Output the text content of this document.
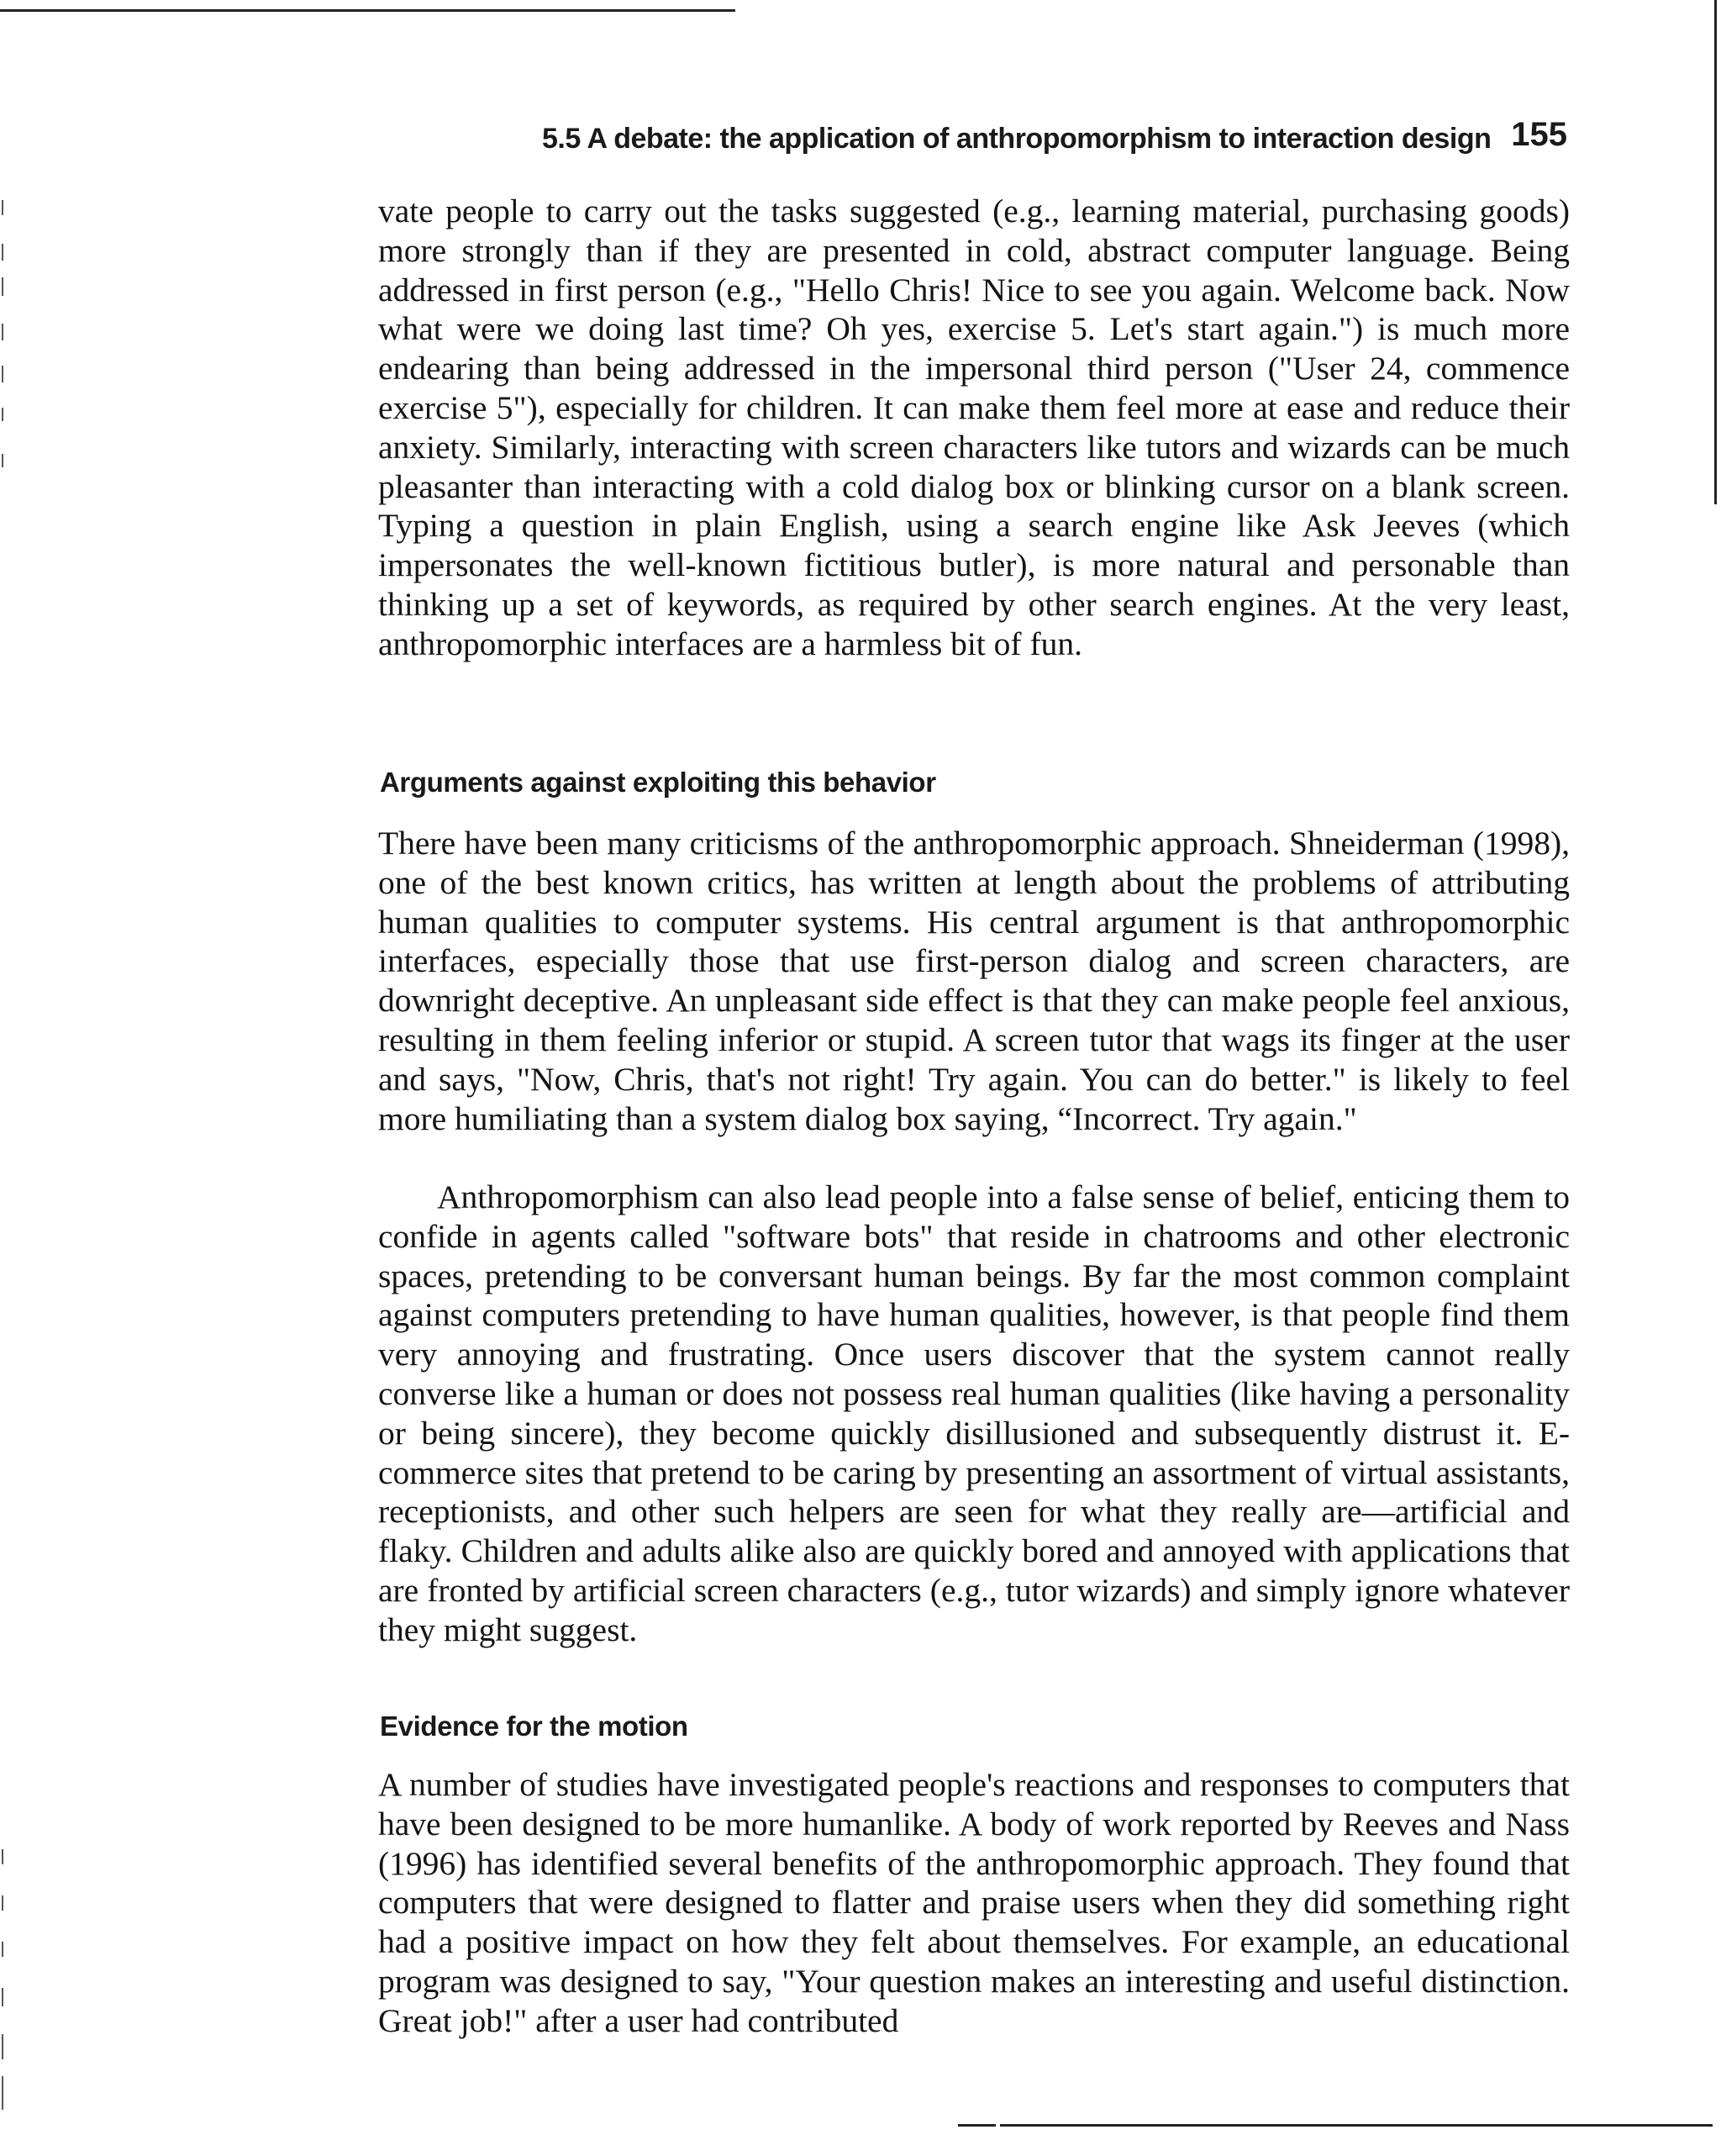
5.5 A debate: the application of anthropomorphism to interaction design 155

vate people to carry out the tasks suggested (e.g., learning material, purchasing goods) more strongly than if they are presented in cold, abstract computer language. Being addressed in first person (e.g., "Hello Chris! Nice to see you again. Welcome back. Now what were we doing last time? Oh yes, exercise 5. Let's start again.") is much more endearing than being addressed in the impersonal third person ("User 24, commence exercise 5"), especially for children. It can make them feel more at ease and reduce their anxiety. Similarly, interacting with screen characters like tutors and wizards can be much pleasanter than interacting with a cold dialog box or blinking cursor on a blank screen. Typing a question in plain English, using a search engine like Ask Jeeves (which impersonates the well-known fictitious butler), is more natural and personable than thinking up a set of keywords, as required by other search engines. At the very least, anthropomorphic interfaces are a harmless bit of fun.

Arguments against exploiting this behavior

There have been many criticisms of the anthropomorphic approach. Shneiderman (1998), one of the best known critics, has written at length about the problems of attributing human qualities to computer systems. His central argument is that anthropomorphic interfaces, especially those that use first-person dialog and screen characters, are downright deceptive. An unpleasant side effect is that they can make people feel anxious, resulting in them feeling inferior or stupid. A screen tutor that wags its finger at the user and says, "Now, Chris, that's not right! Try again. You can do better." is likely to feel more humiliating than a system dialog box saying, “Incorrect. Try again."

Anthropomorphism can also lead people into a false sense of belief, enticing them to confide in agents called "software bots" that reside in chatrooms and other electronic spaces, pretending to be conversant human beings. By far the most common complaint against computers pretending to have human qualities, however, is that people find them very annoying and frustrating. Once users discover that the system cannot really converse like a human or does not possess real human qualities (like having a personality or being sincere), they become quickly disillusioned and subsequently distrust it. E-commerce sites that pretend to be caring by presenting an assortment of virtual assistants, receptionists, and other such helpers are seen for what they really are—artificial and flaky. Children and adults alike also are quickly bored and annoyed with applications that are fronted by artificial screen characters (e.g., tutor wizards) and simply ignore whatever they might suggest.

Evidence for the motion

A number of studies have investigated people's reactions and responses to computers that have been designed to be more humanlike. A body of work reported by Reeves and Nass (1996) has identified several benefits of the anthropomorphic approach. They found that computers that were designed to flatter and praise users when they did something right had a positive impact on how they felt about themselves. For example, an educational program was designed to say, "Your question makes an interesting and useful distinction. Great job!" after a user had contributed
